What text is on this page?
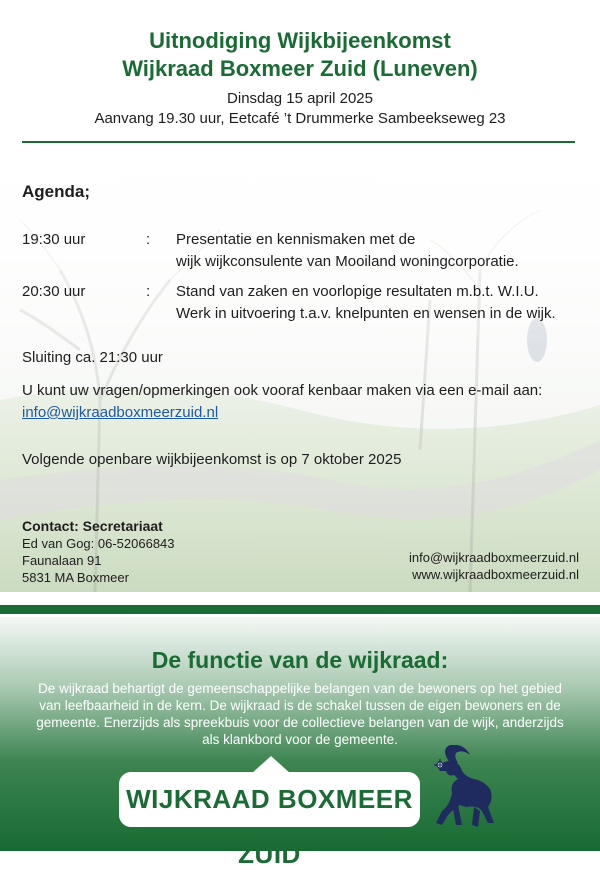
Uitnodiging Wijkbijeenkomst
Wijkraad Boxmeer Zuid (Luneven)
Dinsdag 15 april 2025
Aanvang 19.30 uur, Eetcafé ’t Drummerke Sambeekseweg 23
Agenda;
19:30 uur	: Presentatie en kennismaken met de
wijk wijkconsulente van Mooiland woningcorporatie.
20:30 uur	: Stand van zaken en voorlopige resultaten m.b.t. W.I.U.
Werk in uitvoering t.a.v. knelpunten en wensen in de wijk.
Sluiting ca. 21:30 uur
U kunt uw vragen/opmerkingen ook vooraf kenbaar maken via een e-mail aan:
info@wijkraadboxmeerzuid.nl
Volgende openbare wijkbijeenkomst is op 7 oktober 2025
Contact: Secretariaat
Ed van Gog: 06-52066843
Faunalaan 91
5831 MA Boxmeer
info@wijkraadboxmeerzuid.nl
www.wijkraadboxmeerzuid.nl
De functie van de wijkraad:

De wijkraad behartigt de gemeenschappelijke belangen van de bewoners op het gebied van leefbaarheid in de kern. De wijkraad is de schakel tussen de eigen bewoners en de gemeente. Enerzijds als spreekbuis voor de collectieve belangen van de wijk, anderzijds als klankbord voor de gemeente.

WIJKRAAD BOXMEER ZUID
